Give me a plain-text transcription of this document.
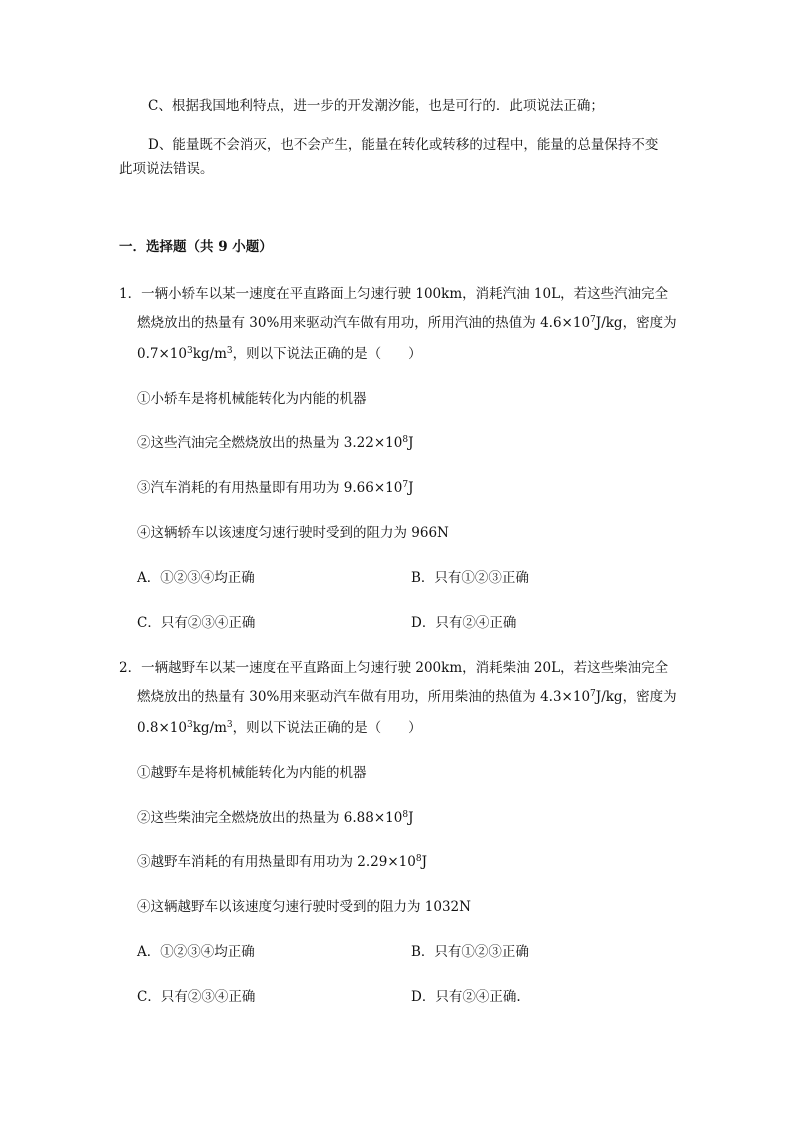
C、根据我国地利特点，进一步的开发潮汐能，也是可行的．此项说法正确；
D、能量既不会消灭，也不会产生，能量在转化或转移的过程中，能量的总量保持不变
此项说法错误。
一．选择题（共 9 小题）
1．一辆小轿车以某一速度在平直路面上匀速行驶 100km，消耗汽油 10L，若这些汽油完全
燃烧放出的热量有 30%用来驱动汽车做有用功，所用汽油的热值为 $4.6\times 10^7J/kg$，密度为
$0.7\times 10^3kg/m^3$，则以下说法正确的是（　　）
①小轿车是将机械能转化为内能的机器
②这些汽油完全燃烧放出的热量为 $3.22\times 10^8J$
③汽车消耗的有用热量即有用功为 $9.66\times 10^7J$
④这辆轿车以该速度匀速行驶时受到的阻力为 966N
A．①②③④均正确	B．只有①②③正确
C．只有②③④正确	D．只有②④正确
2．一辆越野车以某一速度在平直路面上匀速行驶 200km，消耗柴油 20L，若这些柴油完全
燃烧放出的热量有 30%用来驱动汽车做有用功，所用柴油的热值为 $4.3\times 10^7J/kg$，密度为
$0.8\times 10^3kg/m^3$，则以下说法正确的是（　　）
①越野车是将机械能转化为内能的机器
②这些柴油完全燃烧放出的热量为 $6.88\times 10^8J$
③越野车消耗的有用热量即有用功为 $2.29\times 10^8J$
④这辆越野车以该速度匀速行驶时受到的阻力为 1032N
A．①②③④均正确	B．只有①②③正确
C．只有②③④正确	D．只有②④正确.
